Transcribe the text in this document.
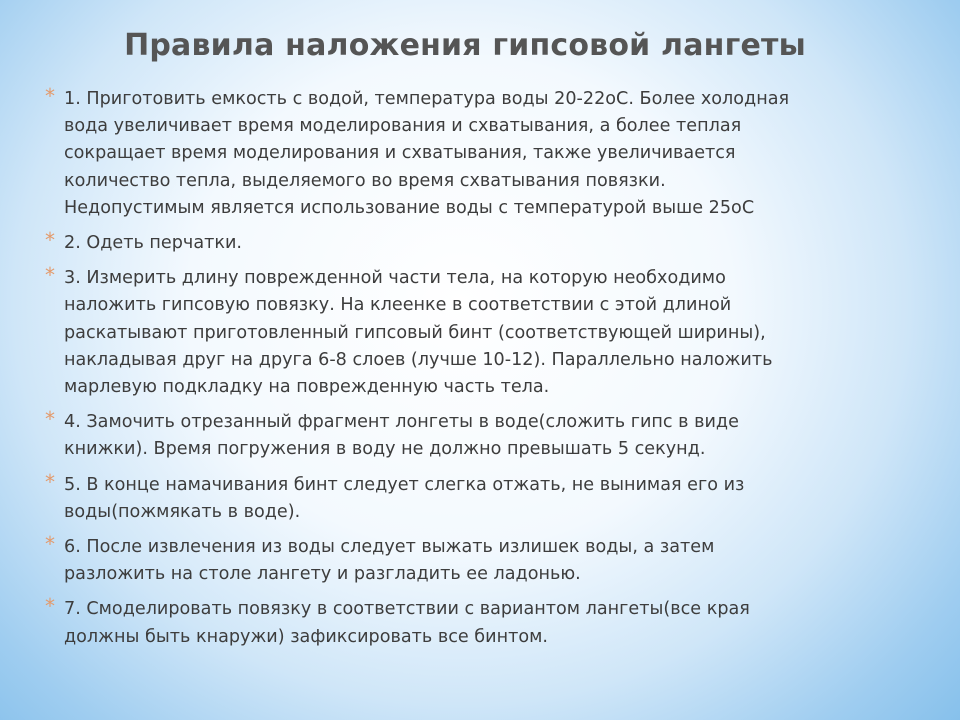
Правила наложения гипсовой лангеты
* 1. Приготовить емкость с водой, температура воды 20-22оС. Более холодная
вода увеличивает время моделирования и схватывания, а более теплая
сокращает время моделирования и схватывания, также увеличивается
количество тепла, выделяемого во время схватывания повязки.
Недопустимым является использование воды с температурой выше 25оС
* 2. Одеть перчатки.
* 3. Измерить длину поврежденной части тела, на которую необходимо
наложить гипсовую повязку. На клеенке в соответствии с этой длиной
раскатывают приготовленный гипсовый бинт (соответствующей ширины),
накладывая друг на друга 6-8 слоев (лучше 10-12). Параллельно наложить
марлевую подкладку на поврежденную часть тела.
* 4. Замочить отрезанный фрагмент лонгеты в воде(сложить гипс в виде
книжки). Время погружения в воду не должно превышать 5 секунд.
* 5. В конце намачивания бинт следует слегка отжать, не вынимая его из
воды(пожмякать в воде).
* 6. После извлечения из воды следует выжать излишек воды, а затем
разложить на столе лангету и разгладить ее ладонью.
* 7. Смоделировать повязку в соответствии с вариантом лангеты(все края
должны быть кнаружи) зафиксировать все бинтом.
